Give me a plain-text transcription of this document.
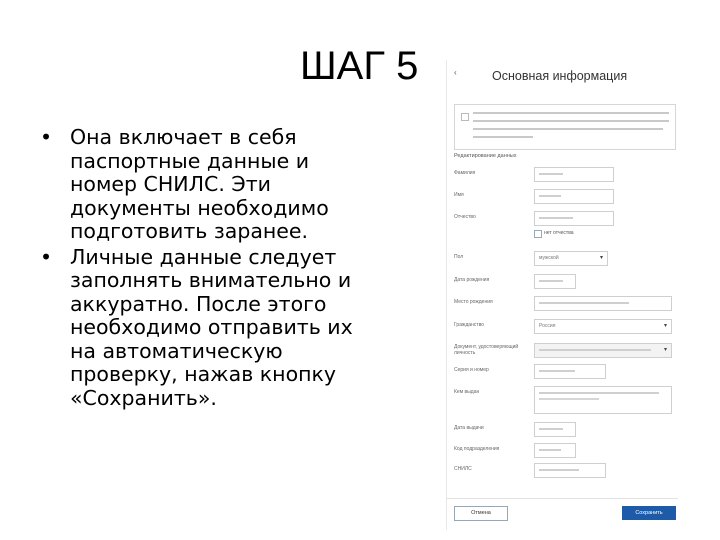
ШАГ 5
• Она включает в себя
паспортные данные и
номер СНИЛС. Эти
документы необходимо
подготовить заранее.
• Личные данные следует
заполнять внимательно и
аккуратно. После этого
необходимо отправить их
на автоматическую
проверку, нажав кнопку
«Сохранить».
‹	Основная информация
Редактирование данных
Фамилия
Имя
Отчество
нет отчества
Пол	мужской	▾
Дата рождения
Место рождения
Гражданство	Россия	▾
Документ, удостоверяющий личность	▾
Серия и номер
Кем выдан
Дата выдачи
Код подразделения
СНИЛС
Отмена	Сохранить
